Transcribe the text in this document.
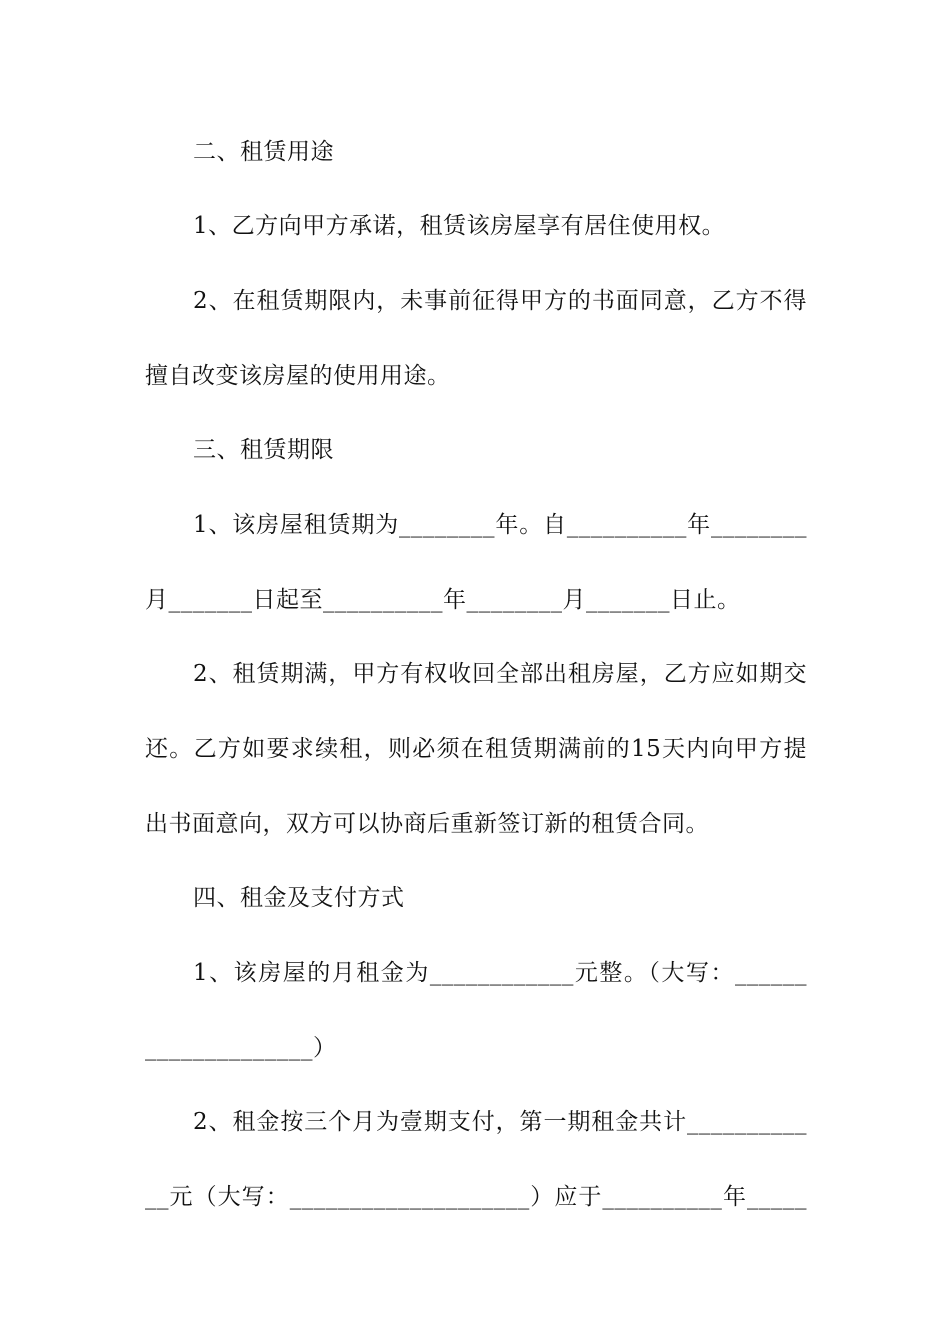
二、租赁用途
1、乙方向甲方承诺，租赁该房屋享有居住使用权。
2、在租赁期限内，未事前征得甲方的书面同意，乙方不得
擅自改变该房屋的使用用途。
三、租赁期限
1、该房屋租赁期为________年。自__________年________
月_______日起至__________年________月_______日止。
2、租赁期满，甲方有权收回全部出租房屋，乙方应如期交
还。乙方如要求续租，则必须在租赁期满前的15天内向甲方提
出书面意向，双方可以协商后重新签订新的租赁合同。
四、租金及支付方式
1、该房屋的月租金为____________元整。（大写：______
______________）
2、租金按三个月为壹期支付，第一期租金共计__________
__元（大写：____________________）应于__________年_____
